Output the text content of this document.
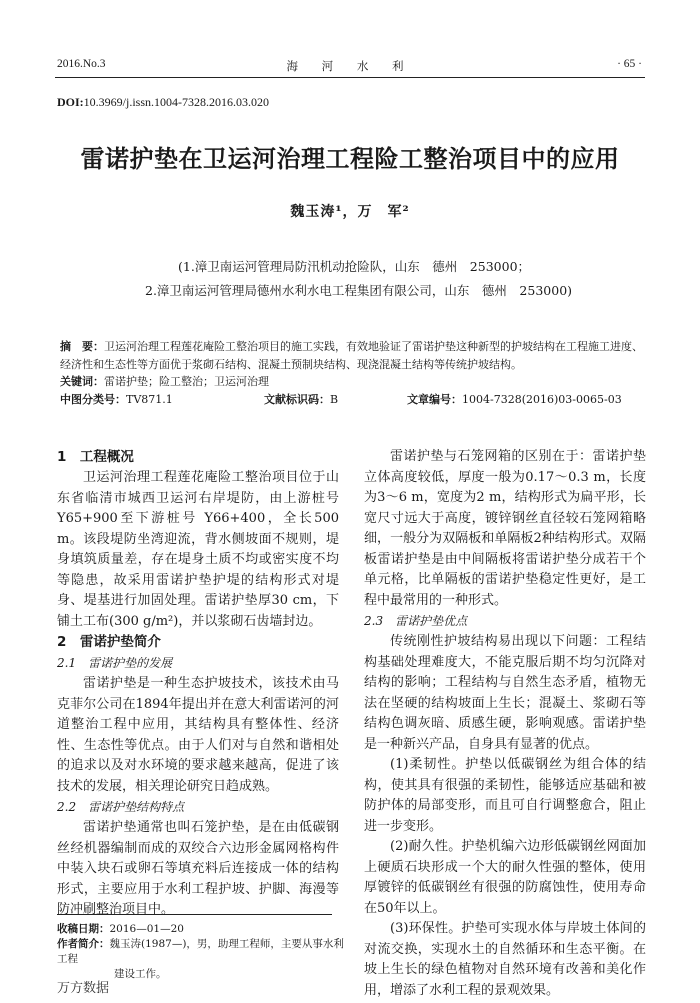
2016.No.3	海 河 水 利	· 65 ·
DOI:10.3969/j.issn.1004-7328.2016.03.020
雷诺护垫在卫运河治理工程险工整治项目中的应用
魏玉涛¹，万　军²
(1.漳卫南运河管理局防汛机动抢险队，山东　德州　253000；
2.漳卫南运河管理局德州水利水电工程集团有限公司，山东　德州　253000)
摘　要：卫运河治理工程莲花庵险工整治项目的施工实践，有效地验证了雷诺护垫这种新型的护坡结构在工程施工进度、经济性和生态性等方面优于浆砌石结构、混凝土预制块结构、现浇混凝土结构等传统护坡结构。
关键词：雷诺护垫；险工整治；卫运河治理
中图分类号：TV871.1	文献标识码：B	文章编号：1004-7328(2016)03-0065-03
1　工程概况

卫运河治理工程莲花庵险工整治项目位于山东省临清市城西卫运河右岸堤防，由上游桩号 Y65+900至下游桩号 Y66+400，全长500 m。该段堤防坐湾迎流，背水侧坡面不规则，堤身填筑质量差，存在堤身土质不均或密实度不均等隐患，故采用雷诺护垫护堤的结构形式对堤身、堤基进行加固处理。雷诺护垫厚30 cm，下铺土工布(300 g/m²)，并以浆砌石齿墙封边。

2　雷诺护垫简介
2.1　雷诺护垫的发展

雷诺护垫是一种生态护坡技术，该技术由马克菲尔公司在1894年提出并在意大利雷诺河的河道整治工程中应用，其结构具有整体性、经济性、生态性等优点。由于人们对与自然和谐相处的追求以及对水环境的要求越来越高，促进了该技术的发展，相关理论研究日趋成熟。

2.2　雷诺护垫结构特点

雷诺护垫通常也叫石笼护垫，是在由低碳钢丝经机器编制而成的双绞合六边形金属网格构件中装入块石或卵石等填充料后连接成一体的结构形式，主要应用于水利工程护坡、护脚、海漫等防冲刷整治项目中。

雷诺护垫与石笼网箱的区别在于：雷诺护垫立体高度较低，厚度一般为0.17～0.3 m，长度为3～6 m，宽度为2 m，结构形式为扁平形，长宽尺寸远大于高度，镀锌钢丝直径较石笼网箱略细，一般分为双隔板和单隔板2种结构形式。双隔板雷诺护垫是由中间隔板将雷诺护垫分成若干个单元格，比单隔板的雷诺护垫稳定性更好，是工程中最常用的一种形式。

2.3　雷诺护垫优点

传统刚性护坡结构易出现以下问题：工程结构基础处理难度大，不能克服后期不均匀沉降对结构的影响；工程结构与自然生态矛盾，植物无法在坚硬的结构坡面上生长；混凝土、浆砌石等结构色调灰暗、质感生硬，影响观感。雷诺护垫是一种新兴产品，自身具有显著的优点。

(1)柔韧性。护垫以低碳钢丝为组合体的结构，使其具有很强的柔韧性，能够适应基础和被防护体的局部变形，而且可自行调整愈合，阻止进一步变形。

(2)耐久性。护垫机编六边形低碳钢丝网面加上硬质石块形成一个大的耐久性强的整体，使用厚镀锌的低碳钢丝有很强的防腐蚀性，使用寿命在50年以上。

(3)环保性。护垫可实现水体与岸坡土体间的对流交换，实现水土的自然循环和生态平衡。在坡上生长的绿色植物对自然环境有改善和美化作用，增添了水利工程的景观效果。

收稿日期：2016—01—20
作者简介：魏玉涛(1987—)，男，助理工程师，主要从事水利工程
建设工作。
万方数据
